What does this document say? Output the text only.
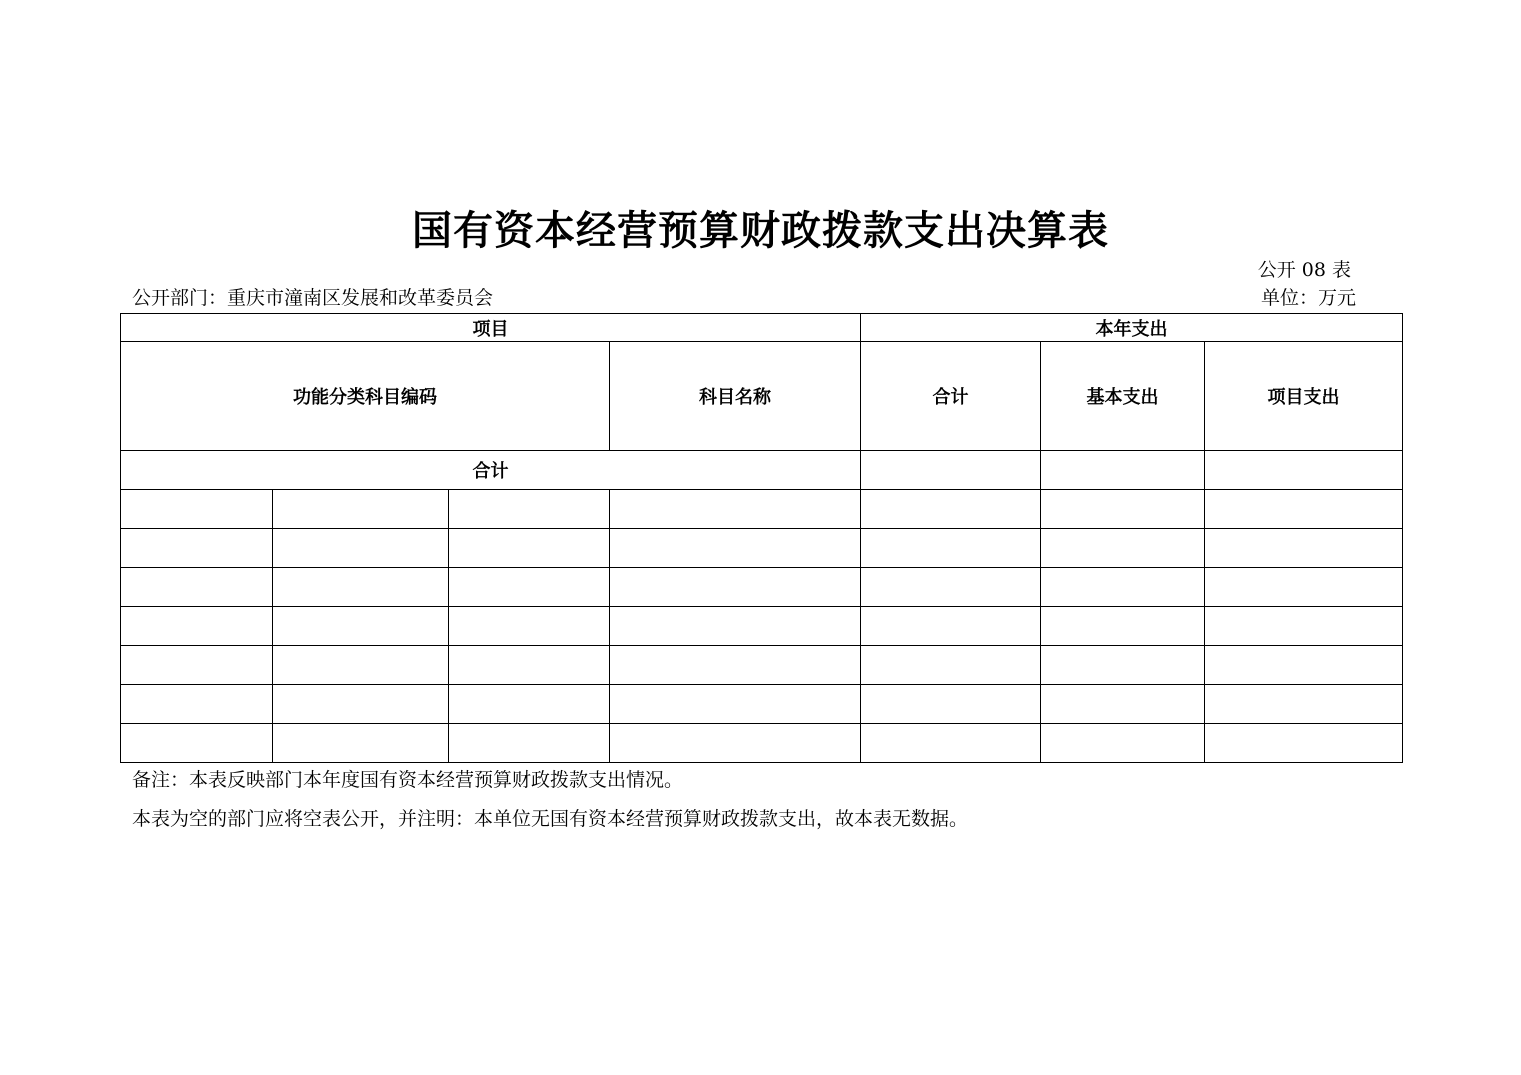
国有资本经营预算财政拨款支出决算表
公开 08 表
公开部门：重庆市潼南区发展和改革委员会	单位：万元
项目				本年支出		
功能分类科目编码			科目名称	合计	基本支出	项目支出
合计						

备注：本表反映部门本年度国有资本经营预算财政拨款支出情况。
本表为空的部门应将空表公开，并注明：本单位无国有资本经营预算财政拨款支出，故本表无数据。
